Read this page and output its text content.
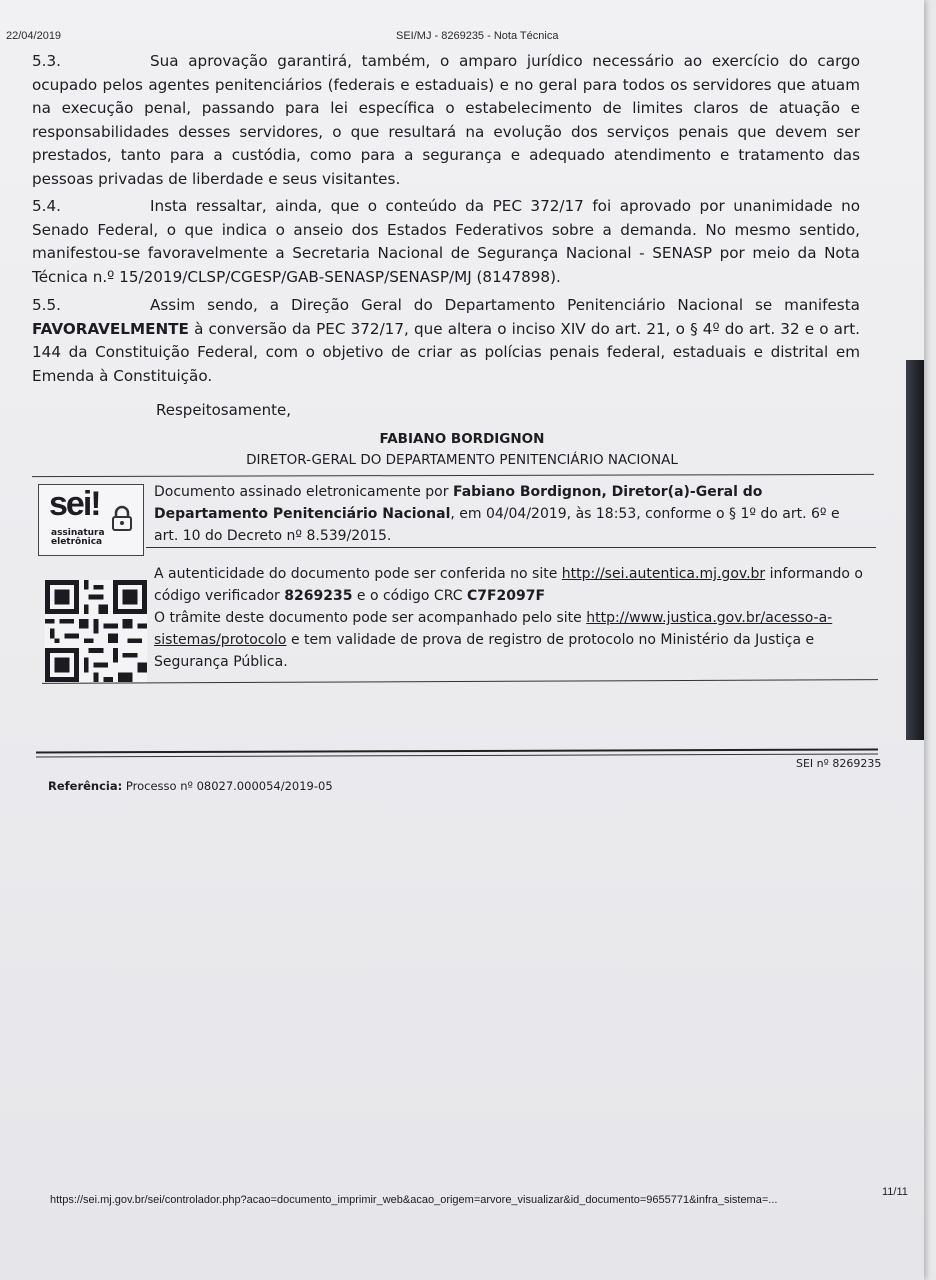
22/04/2019	SEI/MJ - 8269235 - Nota Técnica
5.3.	Sua aprovação garantirá, também, o amparo jurídico necessário ao exercício do cargo ocupado pelos agentes penitenciários (federais e estaduais) e no geral para todos os servidores que atuam na execução penal, passando para lei específica o estabelecimento de limites claros de atuação e responsabilidades desses servidores, o que resultará na evolução dos serviços penais que devem ser prestados, tanto para a custódia, como para a segurança e adequado atendimento e tratamento das pessoas privadas de liberdade e seus visitantes.
5.4.	Insta ressaltar, ainda, que o conteúdo da PEC 372/17 foi aprovado por unanimidade no Senado Federal, o que indica o anseio dos Estados Federativos sobre a demanda. No mesmo sentido, manifestou-se favoravelmente a Secretaria Nacional de Segurança Nacional - SENASP por meio da Nota Técnica n.º 15/2019/CLSP/CGESP/GAB-SENASP/SENASP/MJ (8147898).
5.5.	Assim sendo, a Direção Geral do Departamento Penitenciário Nacional se manifesta FAVORAVELMENTE à conversão da PEC 372/17, que altera o inciso XIV do art. 21, o § 4º do art. 32 e o art. 144 da Constituição Federal, com o objetivo de criar as polícias penais federal, estaduais e distrital em Emenda à Constituição.
Respeitosamente,
FABIANO BORDIGNON
DIRETOR-GERAL DO DEPARTAMENTO PENITENCIÁRIO NACIONAL
sei!
assinatura
eletrônica
Documento assinado eletronicamente por Fabiano Bordignon, Diretor(a)-Geral do Departamento Penitenciário Nacional, em 04/04/2019, às 18:53, conforme o § 1º do art. 6º e art. 10 do Decreto nº 8.539/2015.
A autenticidade do documento pode ser conferida no site http://sei.autentica.mj.gov.br informando o código verificador 8269235 e o código CRC C7F2097F
O trâmite deste documento pode ser acompanhado pelo site http://www.justica.gov.br/acesso-a-sistemas/protocolo e tem validade de prova de registro de protocolo no Ministério da Justiça e Segurança Pública.
Referência: Processo nº 08027.000054/2019-05
SEI nº 8269235
https://sei.mj.gov.br/sei/controlador.php?acao=documento_imprimir_web&acao_origem=arvore_visualizar&id_documento=9655771&infra_sistema=...
11/11
